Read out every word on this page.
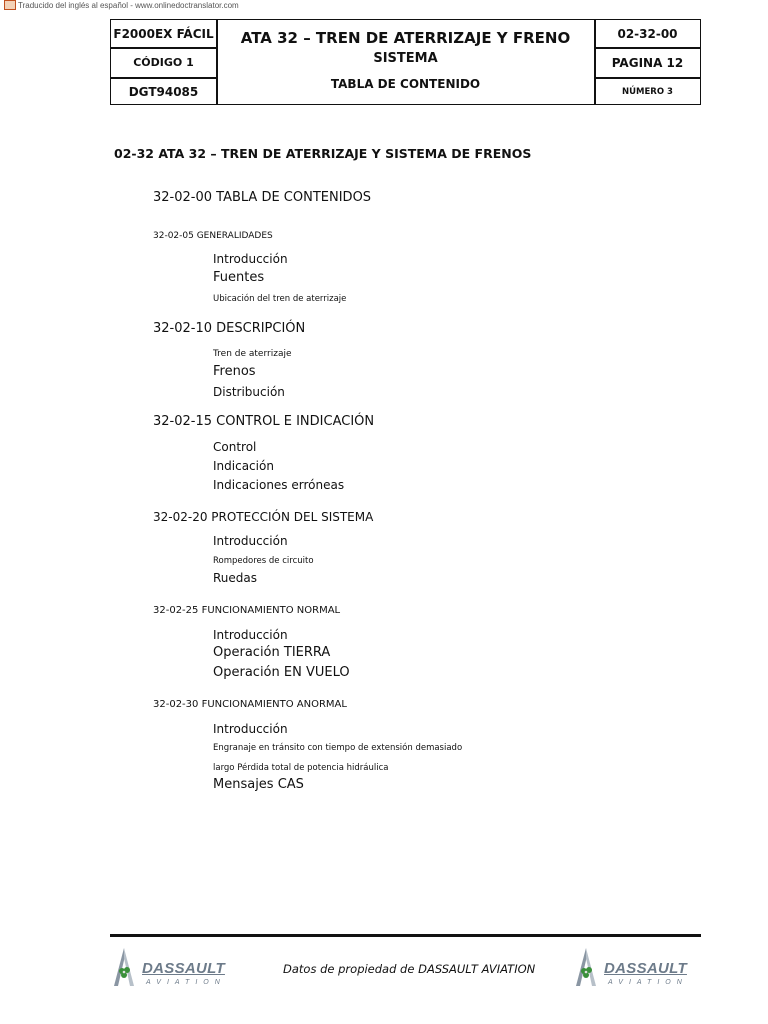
Traducido del inglés al español - www.onlinedoctranslator.com
F2000EX FÁCIL
CÓDIGO 1
DGT94085
ATA 32 – TREN DE ATERRIZAJE Y FRENO
SISTEMA
TABLA DE CONTENIDO
02-32-00
PAGINA 12
NÚMERO 3
02-32 ATA 32 – TREN DE ATERRIZAJE Y SISTEMA DE FRENOS
32-02-00 TABLA DE CONTENIDOS
32-02-05 GENERALIDADES
Introducción
Fuentes
Ubicación del tren de aterrizaje
32-02-10 DESCRIPCIÓN
Tren de aterrizaje
Frenos
Distribución
32-02-15 CONTROL E INDICACIÓN
Control
Indicación
Indicaciones erróneas
32-02-20 PROTECCIÓN DEL SISTEMA
Introducción
Rompedores de circuito
Ruedas
32-02-25 FUNCIONAMIENTO NORMAL
Introducción
Operación TIERRA
Operación EN VUELO
32-02-30 FUNCIONAMIENTO ANORMAL
Introducción
Engranaje en tránsito con tiempo de extensión demasiado
largo Pérdida total de potencia hidráulica
Mensajes CAS
DASSAULT
AVIATION
Datos de propiedad de DASSAULT AVIATION	DASSAULT
AVIATION
